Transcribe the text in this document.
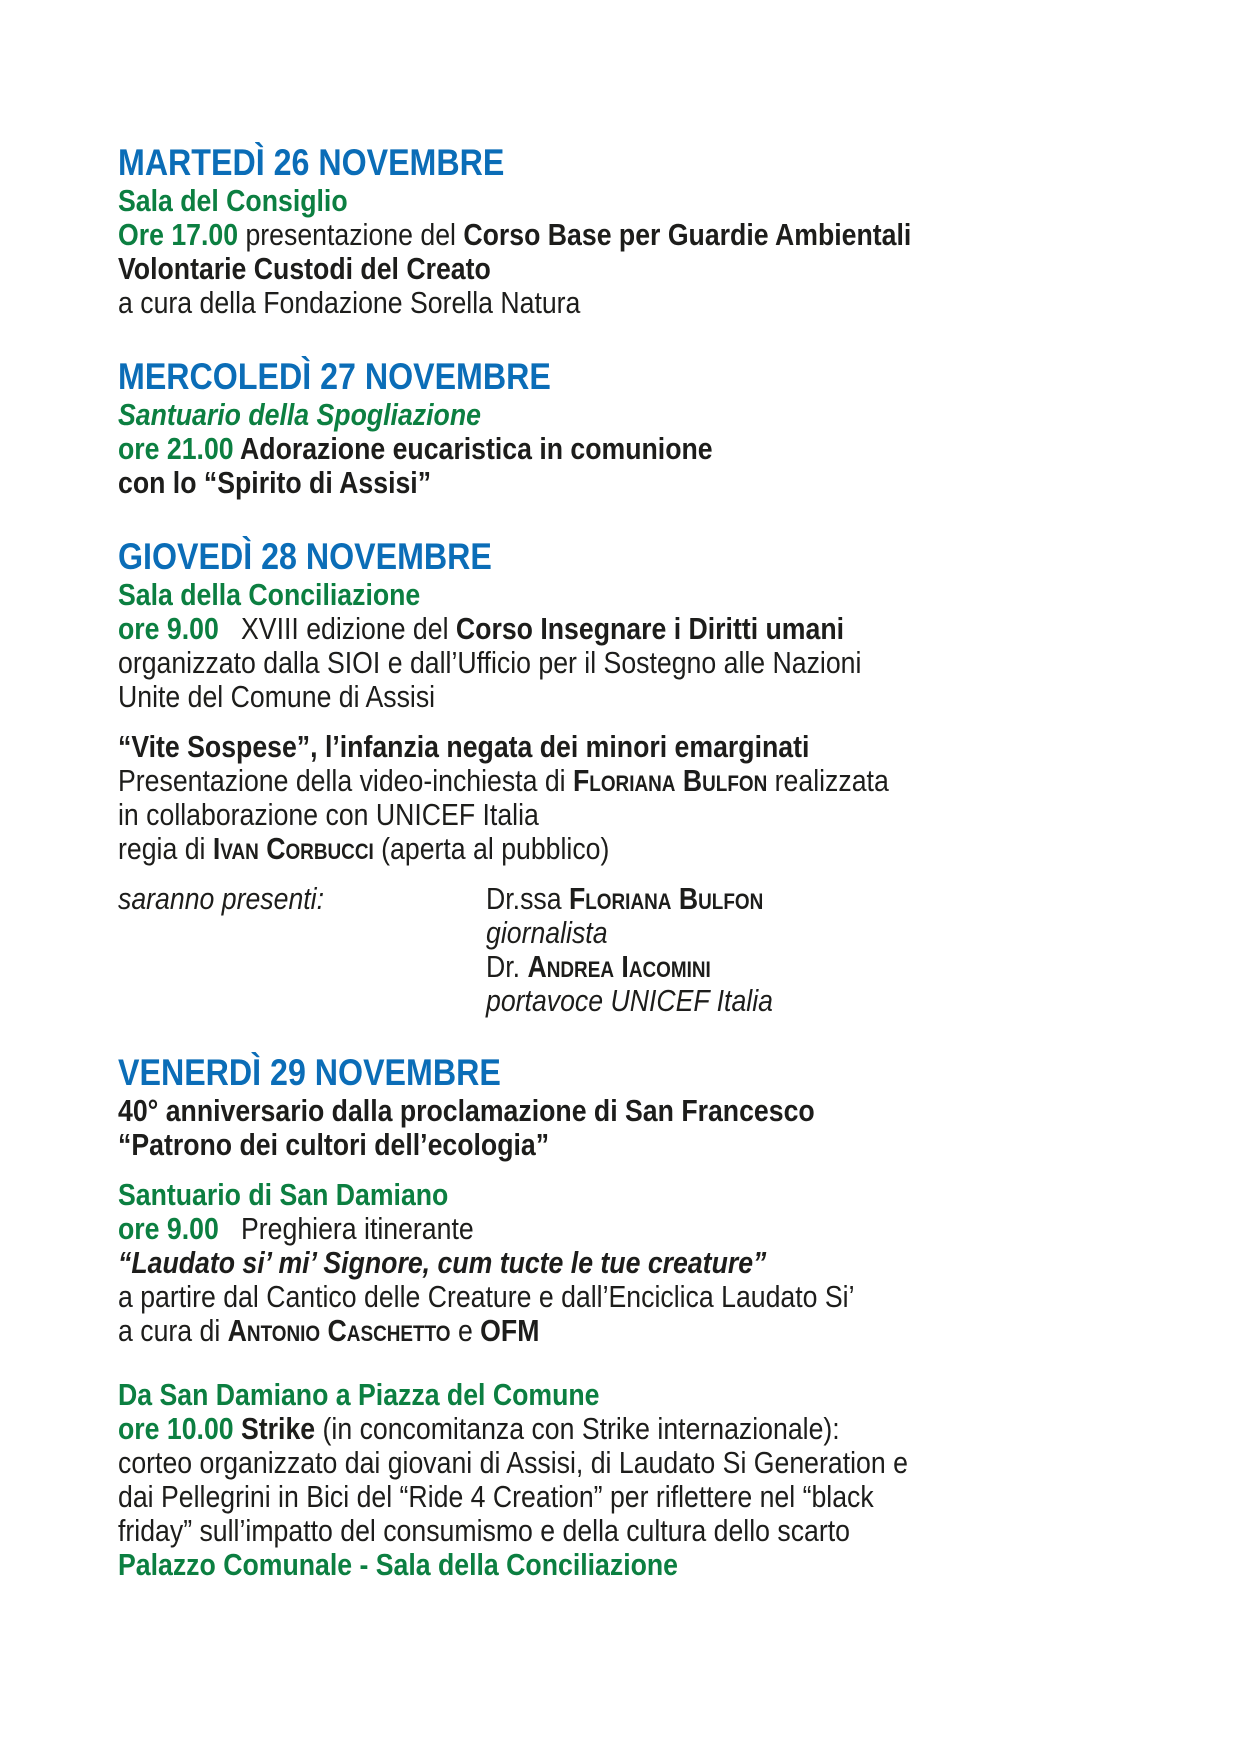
MARTEDÌ 26 NOVEMBRE
Sala del Consiglio
Ore 17.00 presentazione del Corso Base per Guardie Ambientali
Volontarie Custodi del Creato
a cura della Fondazione Sorella Natura
MERCOLEDÌ 27 NOVEMBRE
Santuario della Spogliazione
ore 21.00 Adorazione eucaristica in comunione
con lo “Spirito di Assisi”
GIOVEDÌ 28 NOVEMBRE
Sala della Conciliazione
ore 9.00   XVIII edizione del Corso Insegnare i Diritti umani
organizzato dalla SIOI e dall’Ufficio per il Sostegno alle Nazioni
Unite del Comune di Assisi
“Vite Sospese”, l’infanzia negata dei minori emarginati
Presentazione della video-inchiesta di Floriana Bulfon realizzata
in collaborazione con UNICEF Italia
regia di Ivan Corbucci (aperta al pubblico)
saranno presenti:	Dr.ssa Floriana Bulfon
giornalista
Dr. Andrea Iacomini
portavoce UNICEF Italia
VENERDÌ 29 NOVEMBRE
40° anniversario dalla proclamazione di San Francesco
“Patrono dei cultori dell’ecologia”
Santuario di San Damiano
ore 9.00   Preghiera itinerante
“Laudato si’ mi’ Signore, cum tucte le tue creature”
a partire dal Cantico delle Creature e dall’Enciclica Laudato Si’
a cura di Antonio Caschetto e OFM
Da San Damiano a Piazza del Comune
ore 10.00 Strike (in concomitanza con Strike internazionale):
corteo organizzato dai giovani di Assisi, di Laudato Si Generation e
dai Pellegrini in Bici del “Ride 4 Creation” per riflettere nel “black
friday” sull’impatto del consumismo e della cultura dello scarto
Palazzo Comunale - Sala della Conciliazione
